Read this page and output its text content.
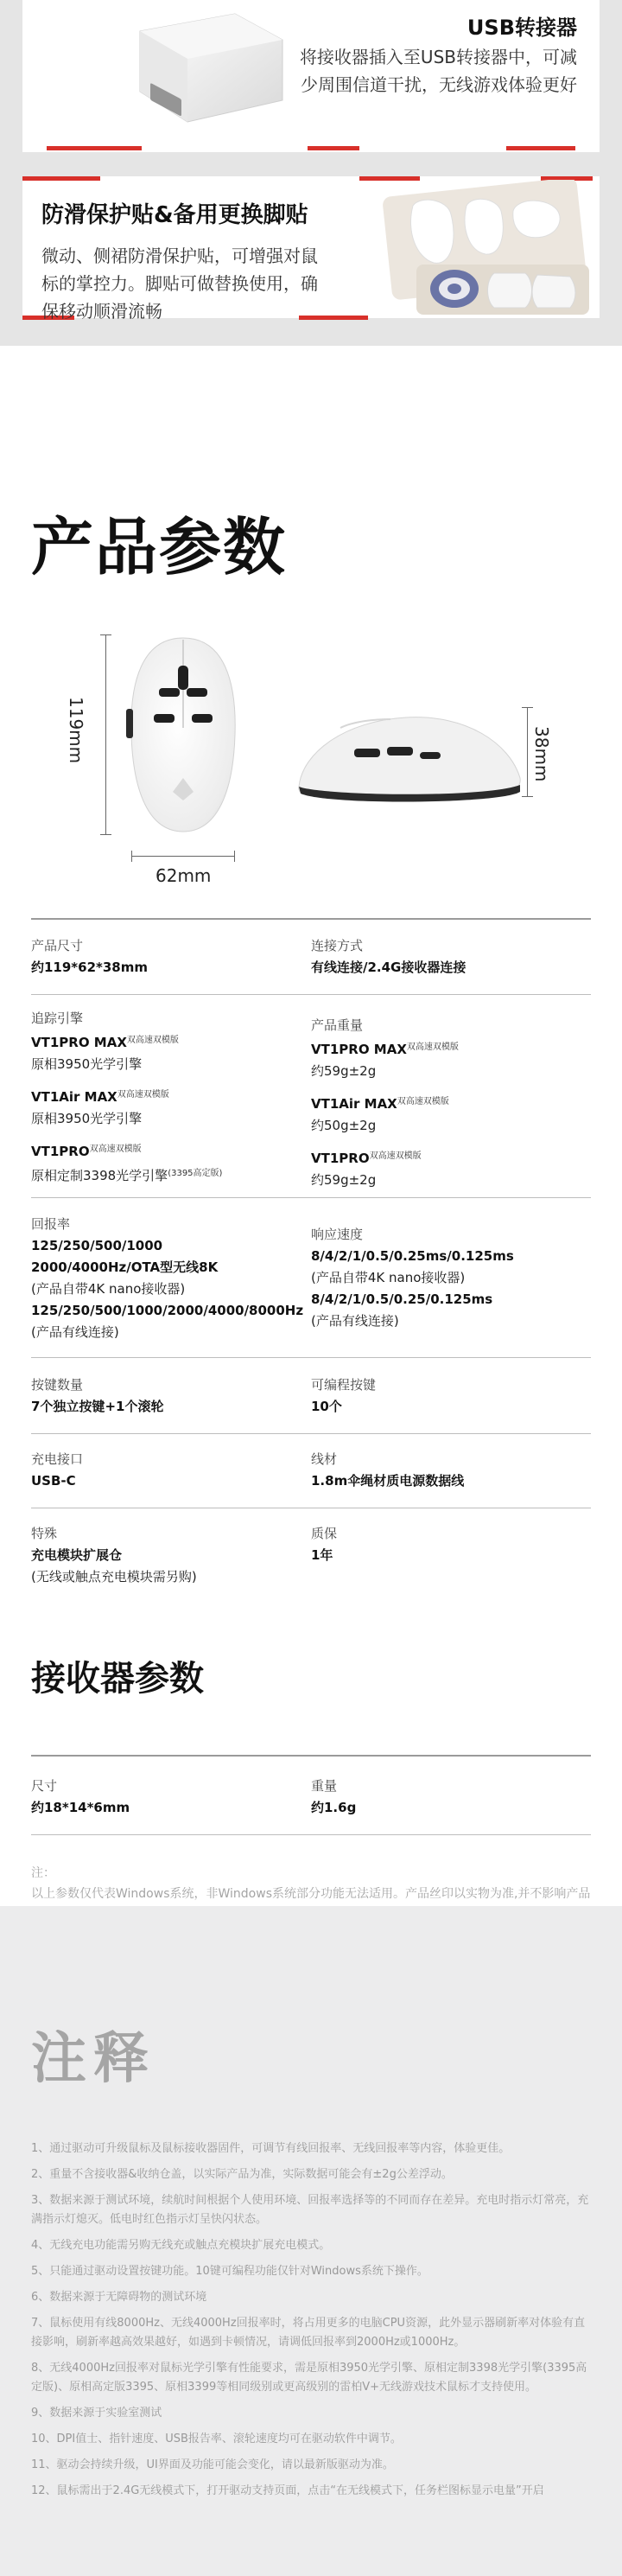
USB转接器
将接收器插入至USB转接器中，可减少周围信道干扰，无线游戏体验更好
防滑保护贴&备用更换脚贴
微动、侧裙防滑保护贴，可增强对鼠标的掌控力。脚贴可做替换使用，确保移动顺滑流畅
产品参数
119mm
62mm
38mm
产品尺寸
约119*62*38mm
连接方式
有线连接/2.4G接收器连接
追踪引擎
VT1PRO $MAX^{双高速双模版}$
原相3950光学引擎
VT1Air $MAX^{双高速双模版}$
原相3950光学引擎
$VT1PRO^{双高速双模版}$
原相定制3398光学引擎$^{(3395高定版)}$
产品重量
VT1PRO $MAX^{双高速双模版}$
约59g±2g
VT1Air $MAX^{双高速双模版}$
约50g±2g
$VT1PRO^{双高速双模版}$
约59g±2g
回报率
125/250/500/1000
2000/4000Hz/OTA型无线8K
(产品自带4K nano接收器)
125/250/500/1000/2000/4000/8000Hz
(产品有线连接)
响应速度
8/4/2/1/0.5/0.25ms/0.125ms
(产品自带4K nano接收器)
8/4/2/1/0.5/0.25/0.125ms
(产品有线连接)
按键数量
7个独立按键+1个滚轮
可编程按键
10个
充电接口
USB-C
线材
1.8m伞绳材质电源数据线
特殊
充电模块扩展仓
(无线或触点充电模块需另购)
质保
1年
接收器参数
尺寸
约18*14*6mm
重量
约1.6g
注：
以上参数仅代表Windows系统，非Windows系统部分功能无法适用。产品丝印以实物为准,并不影响产品
注释
1、通过驱动可升级鼠标及鼠标接收器固件，可调节有线回报率、无线回报率等内容，体验更佳。
2、重量不含接收器&收纳仓盖，以实际产品为准，实际数据可能会有±2g公差浮动。
3、数据来源于测试环境，续航时间根据个人使用环境、回报率选择等的不同而存在差异。充电时指示灯常亮，充满指示灯熄灭。低电时红色指示灯呈快闪状态。
4、无线充电功能需另购无线充或触点充模块扩展充电模式。
5、只能通过驱动设置按键功能。10键可编程功能仅针对Windows系统下操作。
6、数据来源于无障碍物的测试环境
7、鼠标使用有线8000Hz、无线4000Hz回报率时，将占用更多的电脑CPU资源，此外显示器刷新率对体验有直接影响，刷新率越高效果越好，如遇到卡顿情况，请调低回报率到2000Hz或1000Hz。
8、无线4000Hz回报率对鼠标光学引擎有性能要求，需是原相3950光学引擎、原相定制3398光学引擎(3395高定版)、原相高定版3395、原相3399等相同级别或更高级别的雷柏V+无线游戏技术鼠标才支持使用。
9、数据来源于实验室测试
10、DPI值士、指针速度、USB报告率、滚轮速度均可在驱动软件中调节。
11、驱动会持续升级，UI界面及功能可能会变化，请以最新版驱动为准。
12、鼠标需出于2.4G无线模式下，打开驱动支持页面，点击“在无线模式下，任务栏图标显示电量”开启
